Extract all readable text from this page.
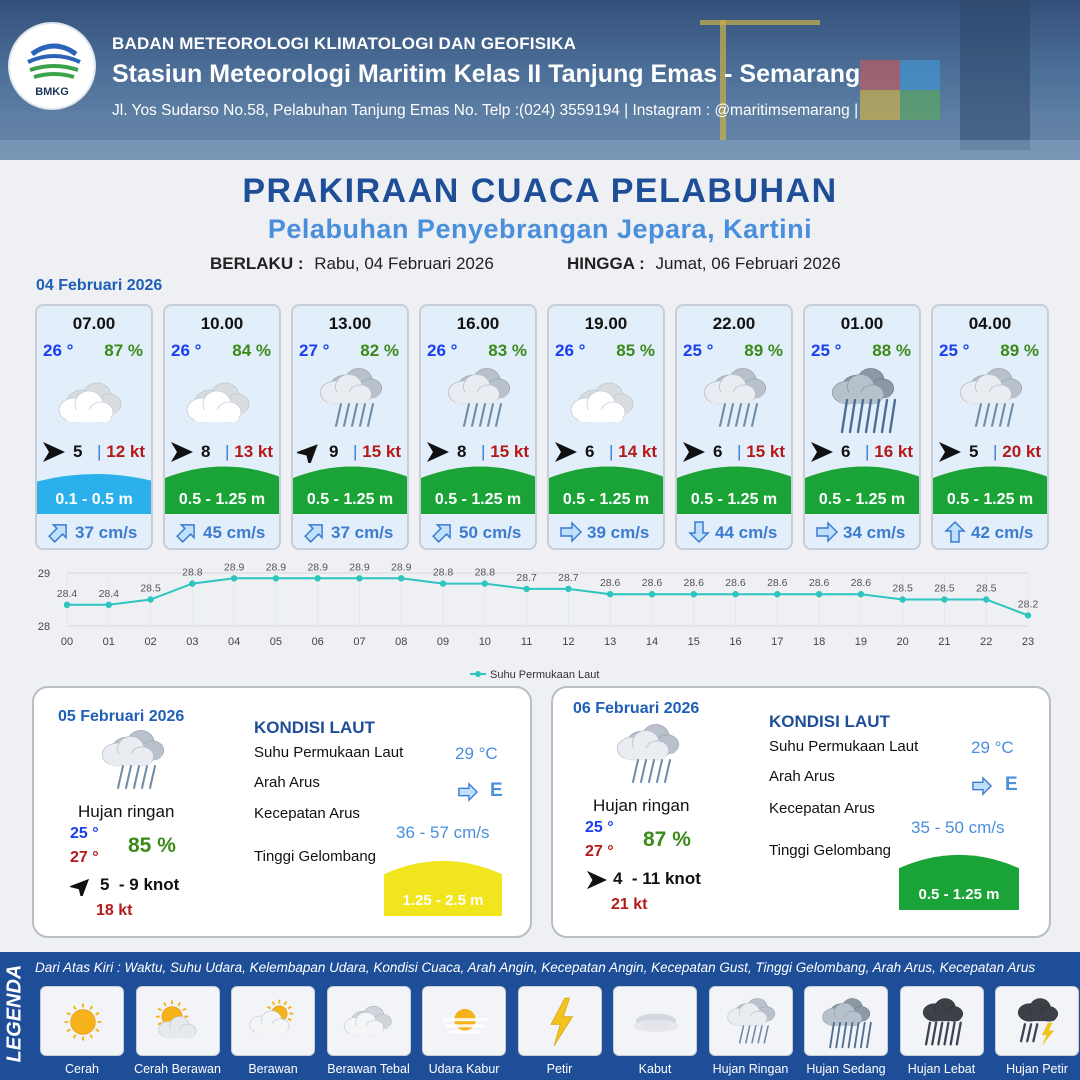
BMKG
BADAN METEOROLOGI KLIMATOLOGI DAN GEOFISIKA
Stasiun Meteorologi Maritim Kelas II Tanjung Emas - Semarang
Jl. Yos Sudarso No.58, Pelabuhan Tanjung Emas No. Telp :(024) 3559194 | Instagram : @maritimsemarang |
PRAKIRAAN CUACA PELABUHAN
Pelabuhan Penyebrangan Jepara, Kartini
BERLAKU : Rabu, 04 Februari 2026	HINGGA : Jumat, 06 Februari 2026
04 Februari 2026
07.00
26 ° 87 %
5 | 12 kt
0.1 - 0.5 m
37 cm/s
10.00
26 ° 84 %
8 | 13 kt
0.5 - 1.25 m
45 cm/s
13.00
27 ° 82 %
9 | 15 kt
0.5 - 1.25 m
37 cm/s
16.00
26 ° 83 %
8 | 15 kt
0.5 - 1.25 m
50 cm/s
19.00
26 ° 85 %
6 | 14 kt
0.5 - 1.25 m
39 cm/s
22.00
25 ° 89 %
6 | 15 kt
0.5 - 1.25 m
44 cm/s
01.00
25 ° 88 %
6 | 16 kt
0.5 - 1.25 m
34 cm/s
04.00
25 ° 89 %
5 | 20 kt
0.5 - 1.25 m
42 cm/s
28
29
28.4
00
28.4
01
28.5
02
28.8
03
28.9
04
28.9
05
28.9
06
28.9
07
28.9
08
28.8
09
28.8
10
28.7
11
28.7
12
28.6
13
28.6
14
28.6
15
28.6
16
28.6
17
28.6
18
28.6
19
28.5
20
28.5
21
28.5
22
28.2
23
Suhu Permukaan Laut
05 Februari 2026
Hujan ringan
25 °
27 °
85 %
5  - 9 knot
18 kt
KONDISI LAUT
Suhu Permukaan Laut	29 °C
Arah Arus	E
Kecepatan Arus
36 - 57 cm/s
Tinggi Gelombang
1.25 - 2.5 m
06 Februari 2026
Hujan ringan
25 °
27 °
87 %
4  - 11 knot
21 kt
KONDISI LAUT
Suhu Permukaan Laut	29 °C
Arah Arus	E
Kecepatan Arus
35 - 50 cm/s
Tinggi Gelombang
0.5 - 1.25 m
LEGENDA Dari Atas Kiri : Waktu, Suhu Udara, Kelembapan Udara, Kondisi Cuaca, Arah Angin, Kecepatan Angin, Kecepatan Gust, Tinggi Gelombang, Arah Arus, Kecepatan Arus
Cerah	Cerah Berawan	Berawan	Berawan Tebal	Udara Kabur	Petir	Kabut	Hujan Ringan	Hujan Sedang	Hujan Lebat	Hujan Petir
